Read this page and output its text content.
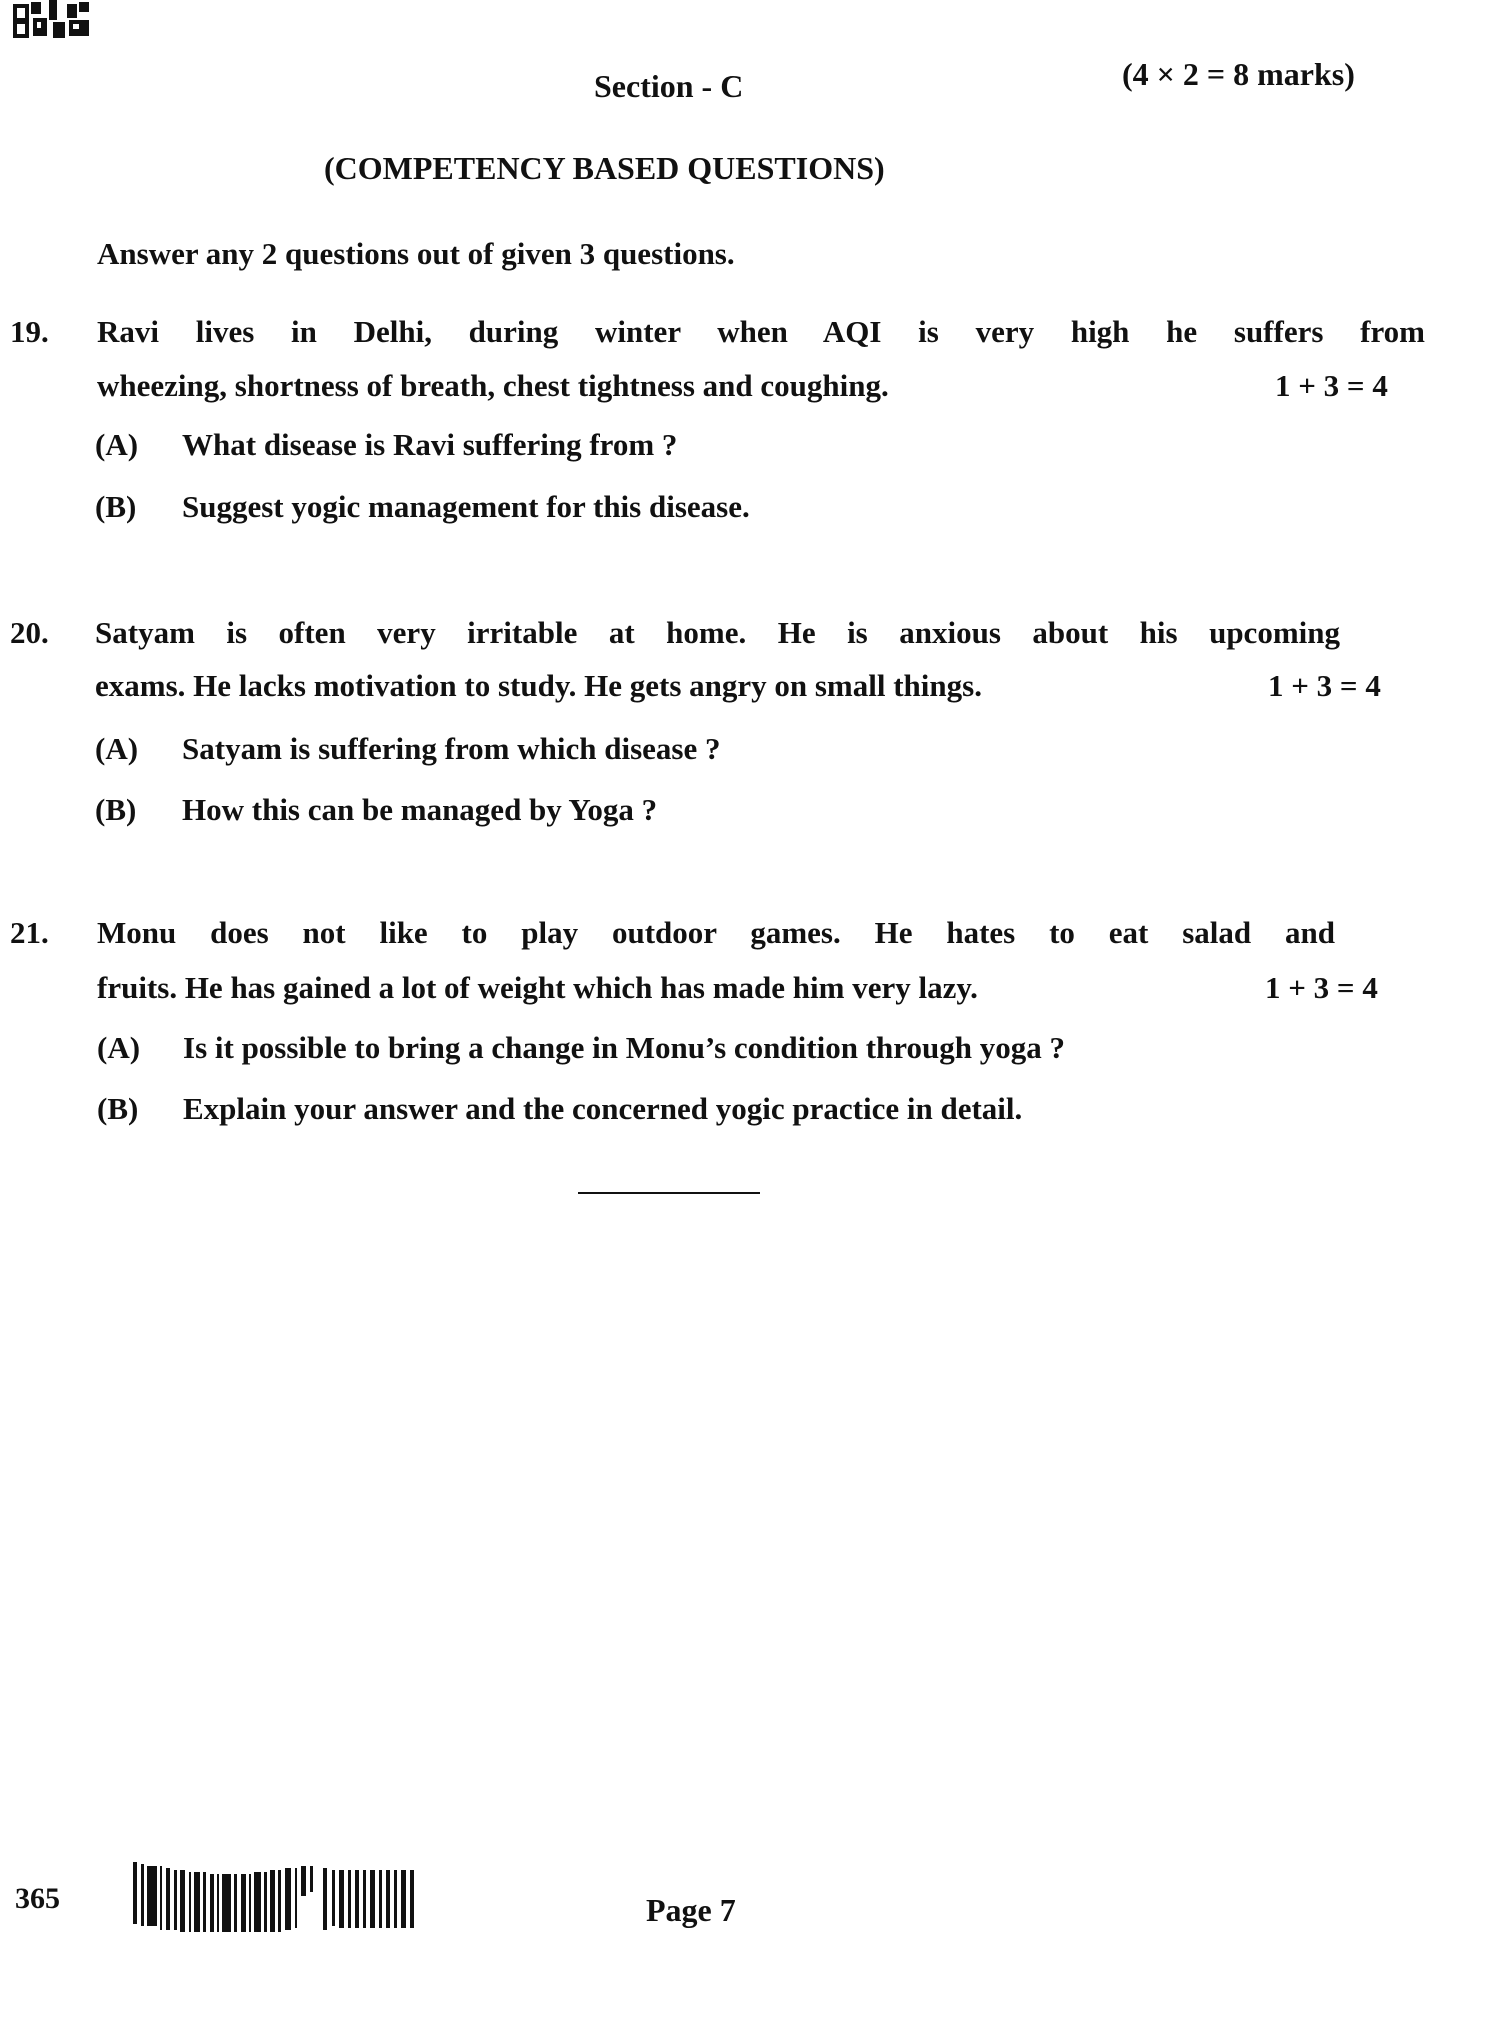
Section - C	(4 × 2 = 8 marks)
(COMPETENCY BASED QUESTIONS)
Answer any 2 questions out of given 3 questions.
19. Ravi lives in Delhi, during winter when AQI is very high he suffers from
wheezing, shortness of breath, chest tightness and coughing.	1 + 3 = 4
(A) What disease is Ravi suffering from ?
(B) Suggest yogic management for this disease.
20. Satyam is often very irritable at home. He is anxious about his upcoming
exams. He lacks motivation to study. He gets angry on small things.	1 + 3 = 4
(A) Satyam is suffering from which disease ?
(B) How this can be managed by Yoga ?
21. Monu does not like to play outdoor games. He hates to eat salad and
fruits. He has gained a lot of weight which has made him very lazy.	1 + 3 = 4
(A) Is it possible to bring a change in Monu’s condition through yoga ?
(B) Explain your answer and the concerned yogic practice in detail.
365	Page 7
